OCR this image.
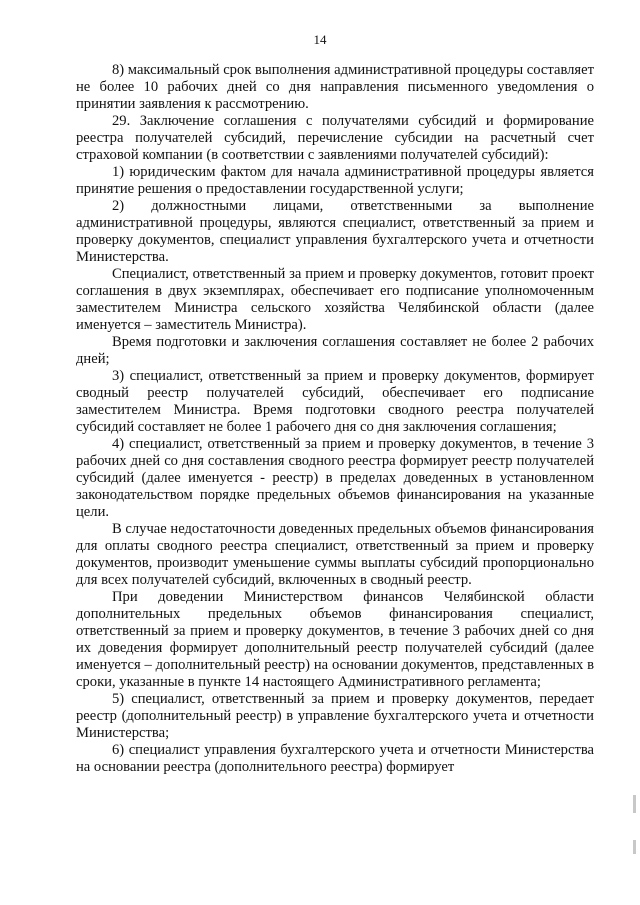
14

8) максимальный срок выполнения административной процедуры составляет не более 10 рабочих дней со дня направления письменного уведомления о принятии заявления к рассмотрению.

29. Заключение соглашения с получателями субсидий и формирование реестра получателей субсидий, перечисление субсидии на расчетный счет страховой компании (в соответствии с заявлениями получателей субсидий):

1) юридическим фактом для начала административной процедуры является принятие решения о предоставлении государственной услуги;

2) должностными лицами, ответственными за выполнение административной процедуры, являются специалист, ответственный за прием и проверку документов, специалист управления бухгалтерского учета и отчетности Министерства.

Специалист, ответственный за прием и проверку документов, готовит проект соглашения в двух экземплярах, обеспечивает его подписание уполномоченным заместителем Министра сельского хозяйства Челябинской области (далее именуется – заместитель Министра).

Время подготовки и заключения соглашения составляет не более 2 рабочих дней;

3) специалист, ответственный за прием и проверку документов, формирует сводный реестр получателей субсидий, обеспечивает его подписание заместителем Министра. Время подготовки сводного реестра получателей субсидий составляет не более 1 рабочего дня со дня заключения соглашения;

4) специалист, ответственный за прием и проверку документов, в течение 3 рабочих дней со дня составления сводного реестра формирует реестр получателей субсидий (далее именуется - реестр) в пределах доведенных в установленном законодательством порядке предельных объемов финансирования на указанные цели.

В случае недостаточности доведенных предельных объемов финансирования для оплаты сводного реестра специалист, ответственный за прием и проверку документов, производит уменьшение суммы выплаты субсидий пропорционально для всех получателей субсидий, включенных в сводный реестр.

При доведении Министерством финансов Челябинской области дополнительных предельных объемов финансирования специалист, ответственный за прием и проверку документов, в течение 3 рабочих дней со дня их доведения формирует дополнительный реестр получателей субсидий (далее именуется – дополнительный реестр) на основании документов, представленных в сроки, указанные в пункте 14 настоящего Административного регламента;

5) специалист, ответственный за прием и проверку документов, передает реестр (дополнительный реестр) в управление бухгалтерского учета и отчетности Министерства;

6) специалист управления бухгалтерского учета и отчетности Министерства на основании реестра (дополнительного реестра) формирует
